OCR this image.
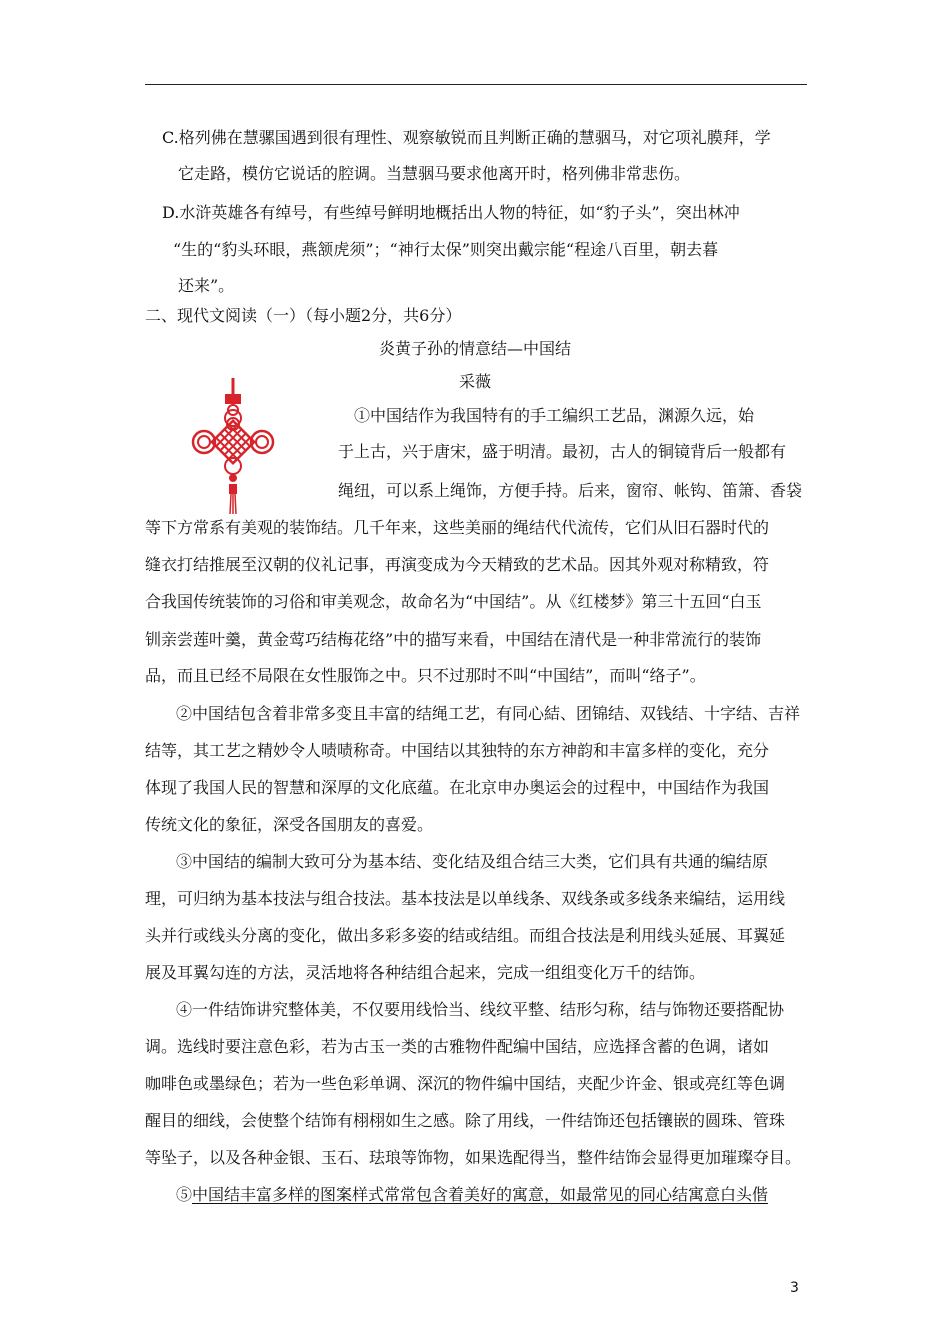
C.格列佛在慧骡国遇到很有理性、观察敏锐而且判断正确的慧骃马，对它项礼膜拜，学
它走路，模仿它说话的腔调。当慧骃马要求他离开时，格列佛非常悲伤。
D.水浒英雄各有绰号，有些绰号鲜明地概括出人物的特征，如“豹子头”，突出林冲
“生的“豹头环眼，燕颔虎须”；“神行太保”则突出戴宗能“程途八百里，朝去暮
还来”。
二、现代文阅读（一）（每小题2分，共6分）
炎黄子孙的情意结—中国结
采薇
①中国结作为我国特有的手工编织工艺品，渊源久远，始
于上古，兴于唐宋，盛于明清。最初，古人的铜镜背后一般都有
绳纽，可以系上绳饰，方便手持。后来，窗帘、帐钩、笛箫、香袋
等下方常系有美观的装饰结。几千年来，这些美丽的绳结代代流传，它们从旧石器时代的
缝衣打结推展至汉朝的仪礼记事，再演变成为今天精致的艺术品。因其外观对称精致，符
合我国传统装饰的习俗和审美观念，故命名为“中国结”。从《红楼梦》第三十五回“白玉
钏亲尝莲叶羹，黄金莺巧结梅花络”中的描写来看，中国结在清代是一种非常流行的装饰
品，而且已经不局限在女性服饰之中。只不过那时不叫“中国结”，而叫“络子”。
②中国结包含着非常多变且丰富的结绳工艺，有同心結、团锦结、双钱结、十字结、吉祥
结等，其工艺之精妙令人啧啧称奇。中国结以其独特的东方神韵和丰富多样的变化，充分
体现了我国人民的智慧和深厚的文化底蕴。在北京申办奥运会的过程中，中国结作为我国
传统文化的象征，深受各国朋友的喜爱。
③中国结的编制大致可分为基本结、变化结及组合结三大类，它们具有共通的编结原
理，可归纳为基本技法与组合技法。基本技法是以单线条、双线条或多线条来编结，运用线
头并行或线头分离的变化，做出多彩多姿的结或结组。而组合技法是利用线头延展、耳翼延
展及耳翼勾连的方法，灵活地将各种结组合起来，完成一组组变化万千的结饰。
④一件结饰讲究整体美，不仅要用线恰当、线纹平整、结形匀称，结与饰物还要搭配协
调。选线时要注意色彩，若为古玉一类的古雅物件配编中国结，应选择含蓄的色调，诸如
咖啡色或墨绿色；若为一些色彩单调、深沉的物件编中国结，夹配少许金、银或亮红等色调
醒目的细线，会使整个结饰有栩栩如生之感。除了用线，一件结饰还包括镶嵌的圆珠、管珠
等坠子，以及各种金银、玉石、珐琅等饰物，如果选配得当，整件结饰会显得更加璀璨夺目。
⑤中国结丰富多样的图案样式常常包含着美好的寓意，如最常见的同心结寓意白头偕
3
